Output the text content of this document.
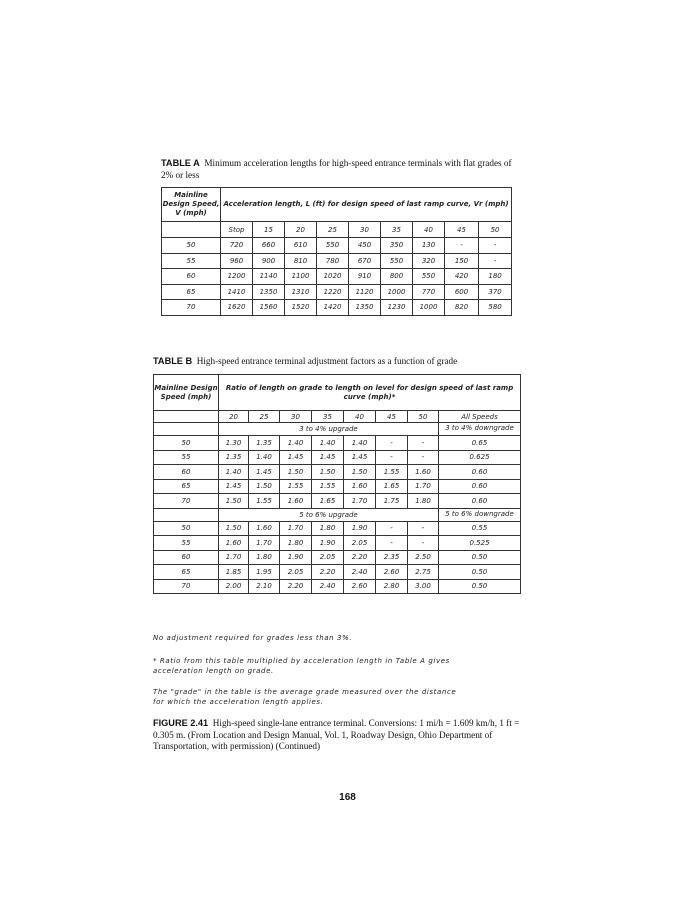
TABLE A Minimum acceleration lengths for high-speed entrance terminals with flat grades of 2% or less
Mainline Design Speed, V (mph)	Acceleration length, L (ft) for design speed of last ramp curve, Vr (mph)								
	Stop	15	20	25	30	35	40	45	50
50	720	660	610	550	450	350	130	-	-
55	960	900	810	780	670	550	320	150	-
60	1200	1140	1100	1020	910	800	550	420	180
65	1410	1350	1310	1220	1120	1000	770	600	370
70	1620	1560	1520	1420	1350	1230	1000	820	580
TABLE B High-speed entrance terminal adjustment factors as a function of grade
Mainline Design Speed (mph)	Ratio of length on grade to length on level for design speed of last ramp curve (mph)*							
	20	25	30	35	40	45	50	All Speeds
	3 to 4% upgrade							3 to 4% downgrade
50	1.30	1.35	1.40	1.40	1.40	-	-	0.65
55	1.35	1.40	1.45	1.45	1.45	-	-	0.625
60	1.40	1.45	1.50	1.50	1.50	1.55	1.60	0.60
65	1.45	1.50	1.55	1.55	1.60	1.65	1.70	0.60
70	1.50	1.55	1.60	1.65	1.70	1.75	1.80	0.60
	5 to 6% upgrade							5 to 6% downgrade
50	1.50	1.60	1.70	1.80	1.90	-	-	0.55
55	1.60	1.70	1.80	1.90	2.05	-	-	0.525
60	1.70	1.80	1.90	2.05	2.20	2.35	2.50	0.50
65	1.85	1.95	2.05	2.20	2.40	2.60	2.75	0.50
70	2.00	2.10	2.20	2.40	2.60	2.80	3.00	0.50
No adjustment required for grades less than 3%.
* Ratio from this table multiplied by acceleration length in Table A gives acceleration length on grade.
The "grade" in the table is the average grade measured over the distance for which the acceleration length applies.
FIGURE 2.41 High-speed single-lane entrance terminal. Conversions: 1 mi/h = 1.609 km/h, 1 ft = 0.305 m. (From Location and Design Manual, Vol. 1, Roadway Design, Ohio Department of Transportation, with permission) (Continued)
168
